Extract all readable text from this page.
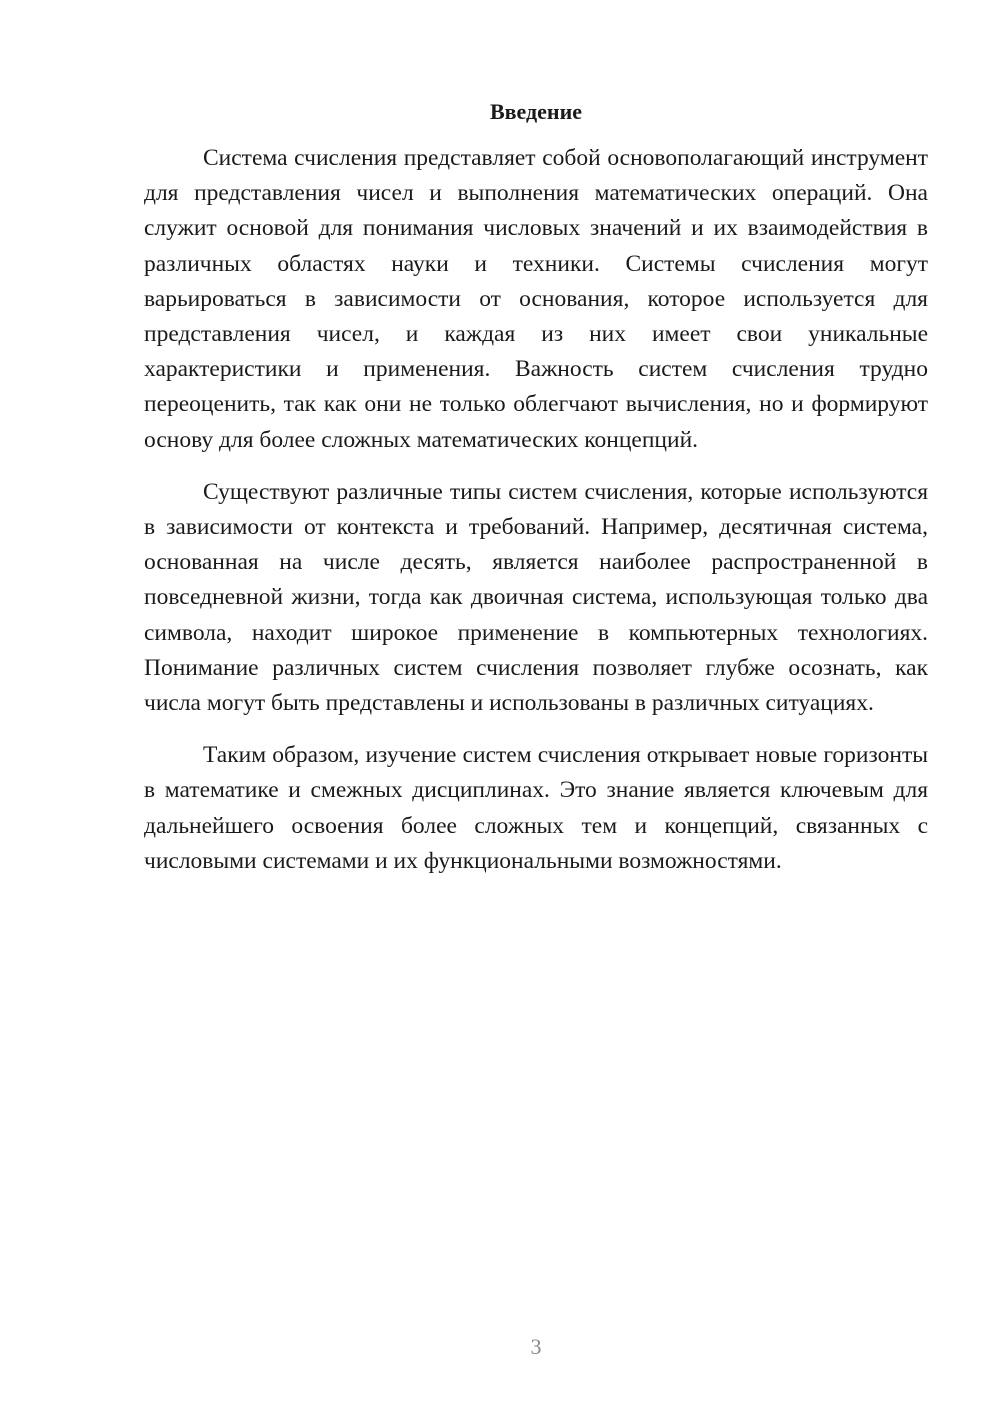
Введение

Система счисления представляет собой основополагающий инструмент для представления чисел и выполнения математических операций. Она служит основой для понимания числовых значений и их взаимодействия в различных областях науки и техники. Системы счисления могут варьироваться в зависимости от основания, которое используется для представления чисел, и каждая из них имеет свои уникальные характеристики и применения. Важность систем счисления трудно переоценить, так как они не только облегчают вычисления, но и формируют основу для более сложных математических концепций.

Существуют различные типы систем счисления, которые используются в зависимости от контекста и требований. Например, десятичная система, основанная на числе десять, является наиболее распространенной в повседневной жизни, тогда как двоичная система, использующая только два символа, находит широкое применение в компьютерных технологиях. Понимание различных систем счисления позволяет глубже осознать, как числа могут быть представлены и использованы в различных ситуациях.

Таким образом, изучение систем счисления открывает новые горизонты в математике и смежных дисциплинах. Это знание является ключевым для дальнейшего освоения более сложных тем и концепций, связанных с числовыми системами и их функциональными возможностями.

3
